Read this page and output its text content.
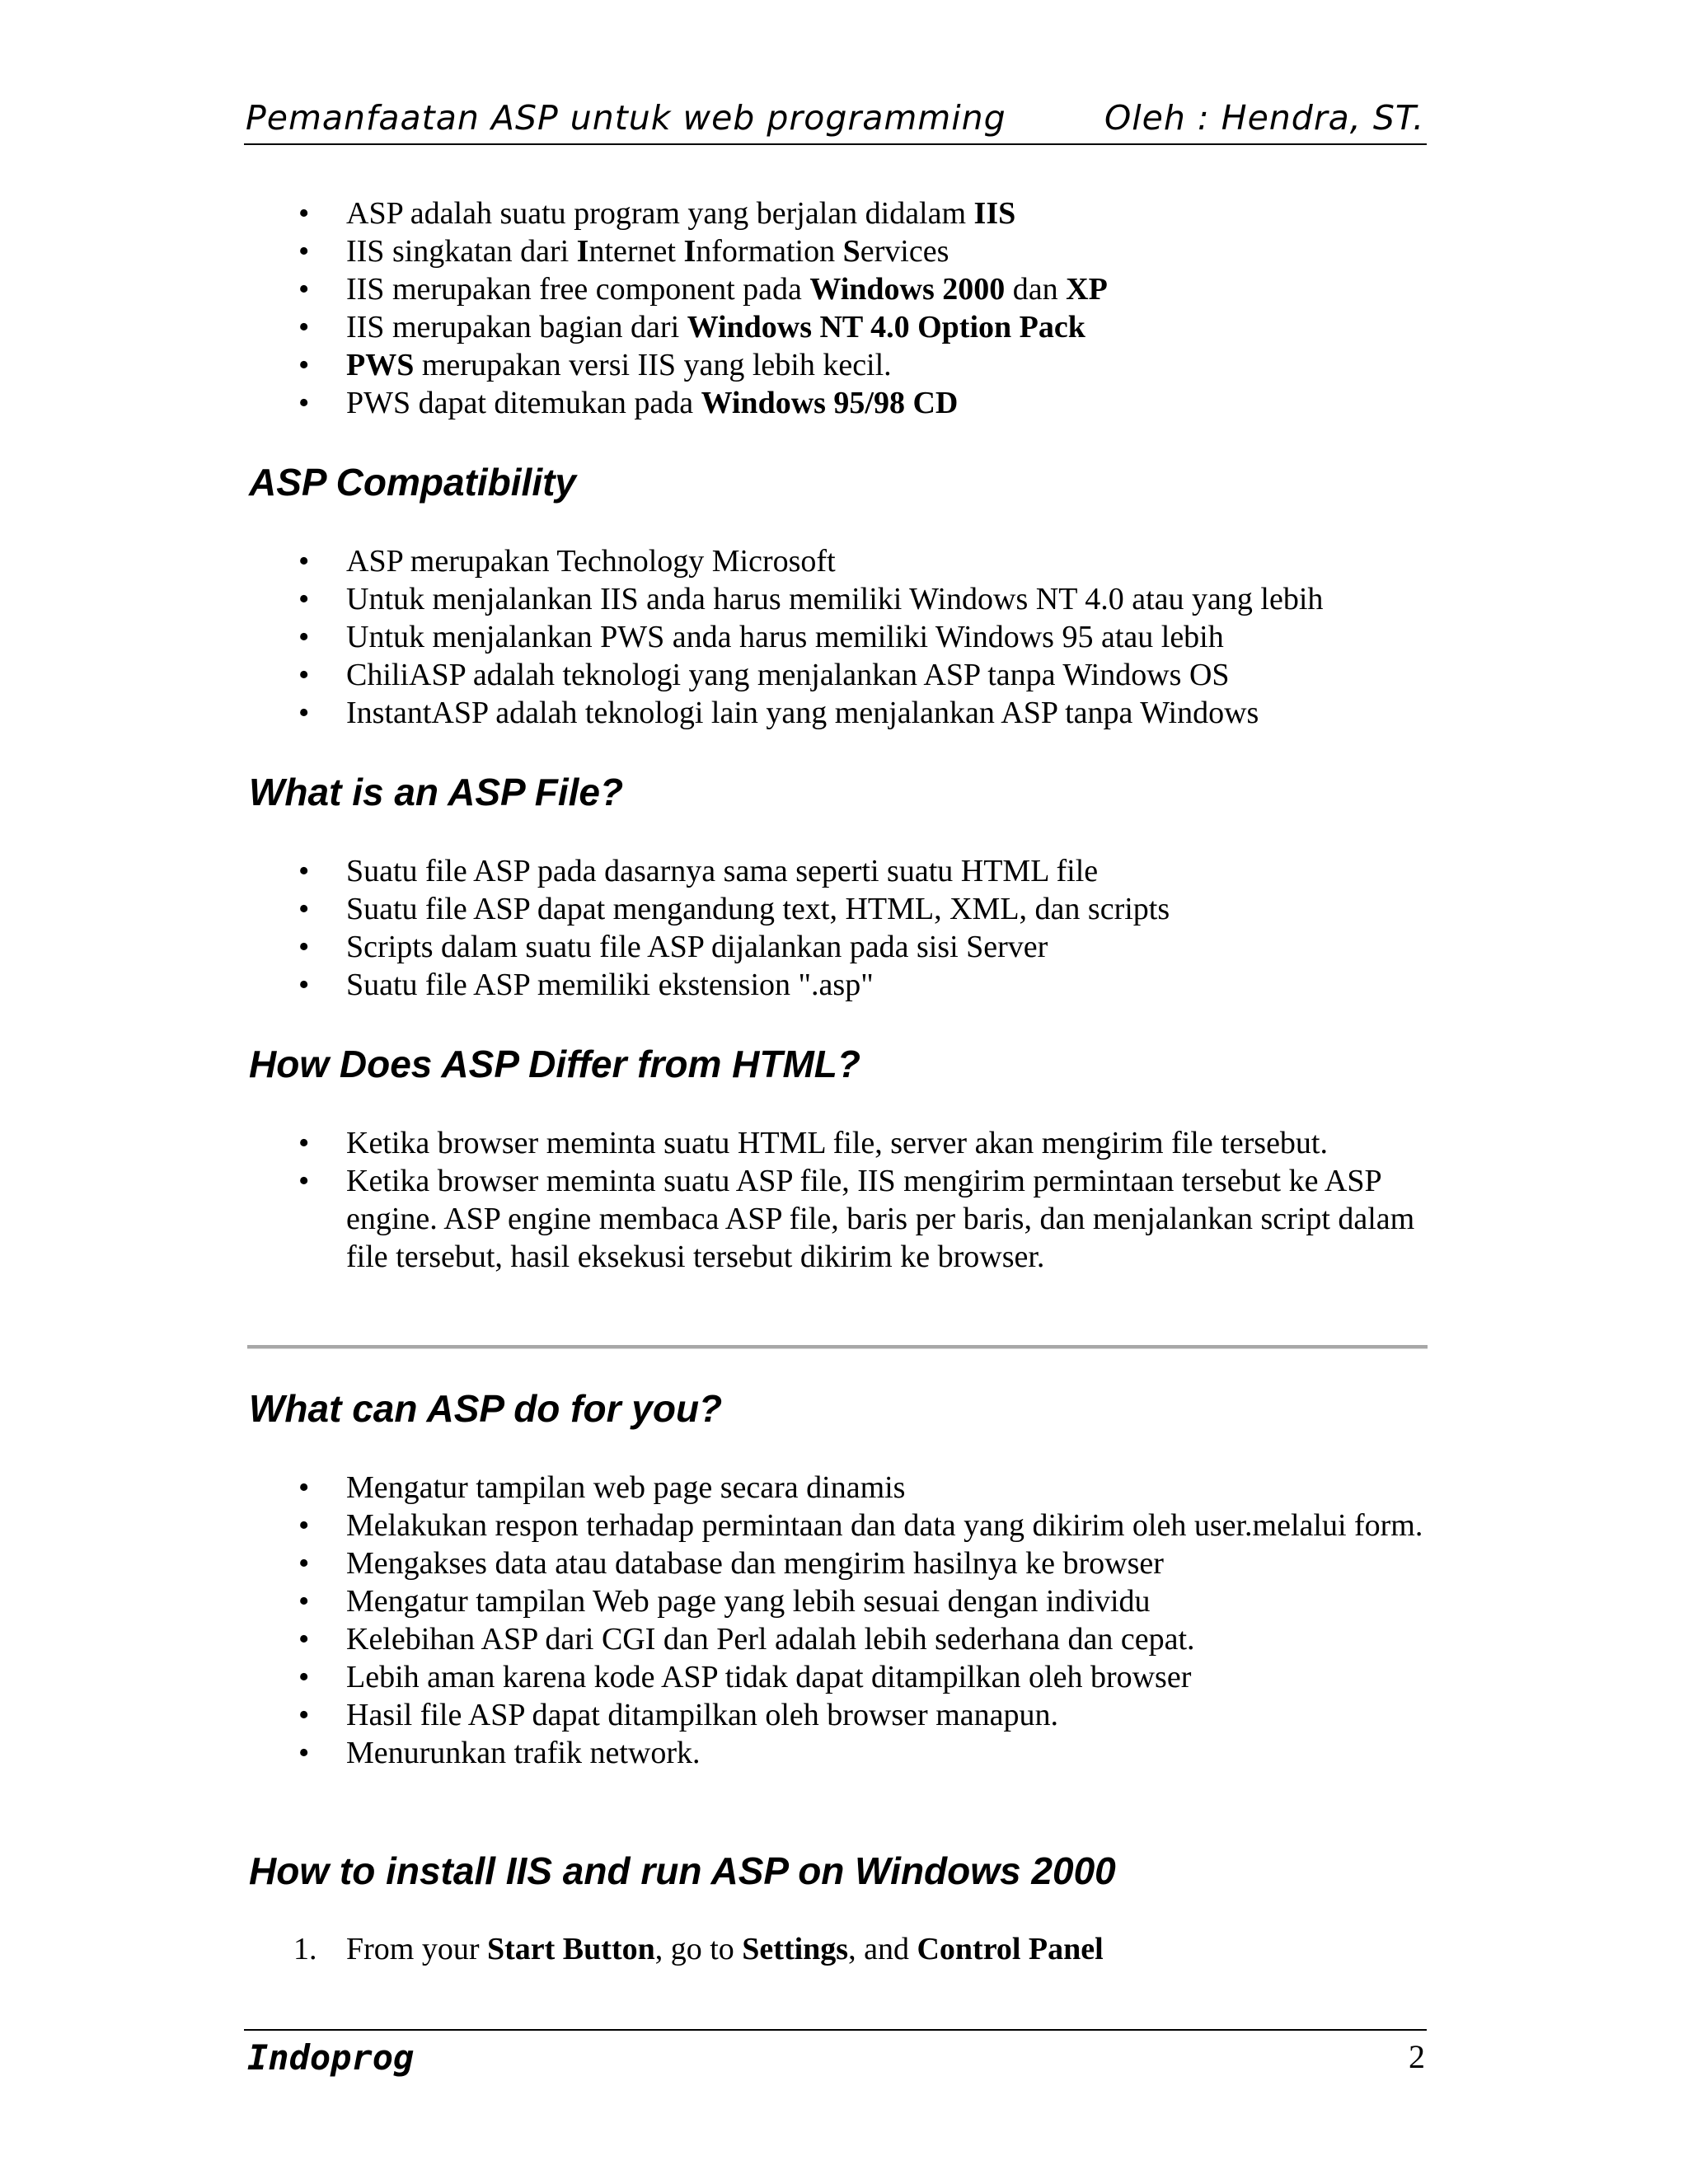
Pemanfaatan ASP untuk web programming	Oleh : Hendra, ST.
• ASP adalah suatu program yang berjalan didalam IIS
• IIS singkatan dari Internet Information Services
• IIS merupakan free component pada Windows 2000 dan XP
• IIS merupakan bagian dari Windows NT 4.0 Option Pack
• PWS merupakan versi IIS yang lebih kecil.
• PWS dapat ditemukan pada Windows 95/98 CD
ASP Compatibility
• ASP merupakan Technology Microsoft
• Untuk menjalankan IIS anda harus memiliki Windows NT 4.0 atau yang lebih
• Untuk menjalankan PWS anda harus memiliki Windows 95 atau lebih
• ChiliASP adalah teknologi yang menjalankan ASP tanpa Windows OS
• InstantASP adalah teknologi lain yang menjalankan ASP tanpa Windows
What is an ASP File?
• Suatu file ASP pada dasarnya sama seperti suatu HTML file
• Suatu file ASP dapat mengandung text, HTML, XML, dan scripts
• Scripts dalam suatu file ASP dijalankan pada sisi Server
• Suatu file ASP memiliki ekstension ".asp"
How Does ASP Differ from HTML?
• Ketika browser meminta suatu HTML file, server akan mengirim file tersebut.
• Ketika browser meminta suatu ASP file, IIS mengirim permintaan tersebut ke ASP engine. ASP engine membaca ASP file, baris per baris, dan menjalankan script dalam file tersebut, hasil eksekusi tersebut dikirim ke browser.
What can ASP do for you?
• Mengatur tampilan web page secara dinamis
• Melakukan respon terhadap permintaan dan data yang dikirim oleh user.melalui form.
• Mengakses data atau database dan mengirim hasilnya ke browser
• Mengatur tampilan Web page yang lebih sesuai dengan individu
• Kelebihan ASP dari CGI dan Perl adalah lebih sederhana dan cepat.
• Lebih aman karena kode ASP tidak dapat ditampilkan oleh browser
• Hasil file ASP dapat ditampilkan oleh browser manapun.
• Menurunkan trafik network.
How to install IIS and run ASP on Windows 2000
1. From your Start Button, go to Settings, and Control Panel
Indoprog	2
